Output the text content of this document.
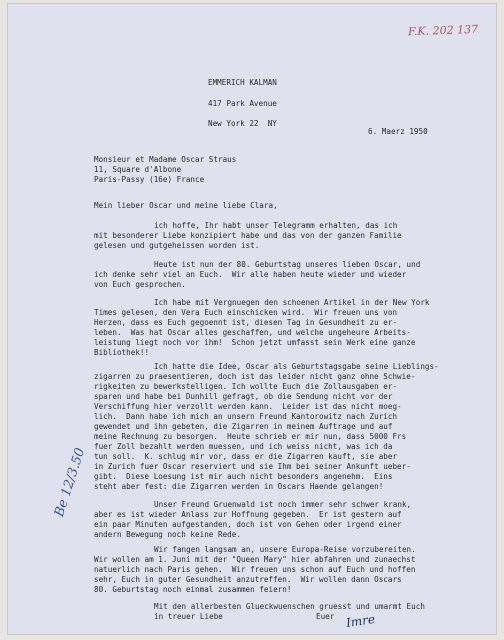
F.K. 202 137
EMMERICH KALMAN
417 Park Avenue
New York 22  NY
6. Maerz 1950
Monsieur et Madame Oscar Straus
11, Square d'Albone
Paris-Passy (16e) France
Mein lieber Oscar und meine liebe Clara,
ich hoffe, Ihr habt unser Telegramm erhalten, das ich
mit besonderer Liebe konzipiert habe und das von der ganzen Familie
gelesen und gutgeheissen worden ist.
Heute ist nun der 80. Geburtstag unseres lieben Oscar, und
ich denke sehr viel an Euch.  Wir alle haben heute wieder und wieder
von Euch gesprochen.
Ich habe mit Vergnuegen den schoenen Artikel in der New York
Times gelesen, den Vera Euch einschicken wird.  Wir freuen uns von
Herzen, dass es Euch gegoennt ist, diesen Tag in Gesundheit zu er-
leben.  Was hat Oscar alles geschaffen, und welche ungeheure Arbeits-
leistung liegt noch vor ihm!  Schon jetzt umfasst sein Werk eine ganze
Bibliothek!!
Ich hatte die Idee, Oscar als Geburtstagsgabe seine Lieblings-
zigarren zu praesentieren, doch ist das leider nicht ganz ohne Schwie-
rigkeiten zu bewerkstelligen. Ich wollte Euch die Zollausgaben er-
sparen und habe bei Dunhill gefragt, ob die Sendung nicht vor der
Verschiffung hier verzollt werden kann.  Leider ist das nicht moeg-
lich.  Dann habe ich mich an unsern Freund Kantorowitz nach Zurich
gewendet und ihn gebeten, die Zigarren in meinem Auftrage und auf
meine Rechnung zu besorgen.  Heute schrieb er mir nun, dass 5000 Frs
fuer Zoll bezahlt werden muessen, und ich weiss nicht, was ich da
tun soll.  K. schlug mir vor, dass er die Zigarren kauft, sie aber
in Zurich fuer Oscar reserviert und sie Ihm bei seiner Ankunft ueber-
gibt.  Diese Loesung ist mir auch nicht besonders angenehm.  Eins
steht aber fest: die Zigarren werden in Oscars Haende gelangen!
Unser Freund Gruenwald ist noch immer sehr schwer krank,
aber es ist wieder Anlass zur Hoffnung gegeben.  Er ist gestern auf
ein paar Minuten aufgestanden, doch ist von Gehen oder irgend einer
andern Bewegung noch keine Rede.
Wir fangen langsam an, unsere Europa-Reise vorzubereiten.
Wir wollen am 1. Juni mit der "Queen Mary" hier abfahren und zunaechst
natuerlich nach Paris gehen.  Wir freuen uns schon auf Euch und hoffen
sehr, Euch in guter Gesundheit anzutreffen.  Wir wollen dann Oscars
80. Geburtstag noch einmal zusammen feiern!
Mit den allerbesten Glueckwuenschen gruesst und umarmt Euch
in treuer Liebe	Euer Imre
Be 12/3.50
